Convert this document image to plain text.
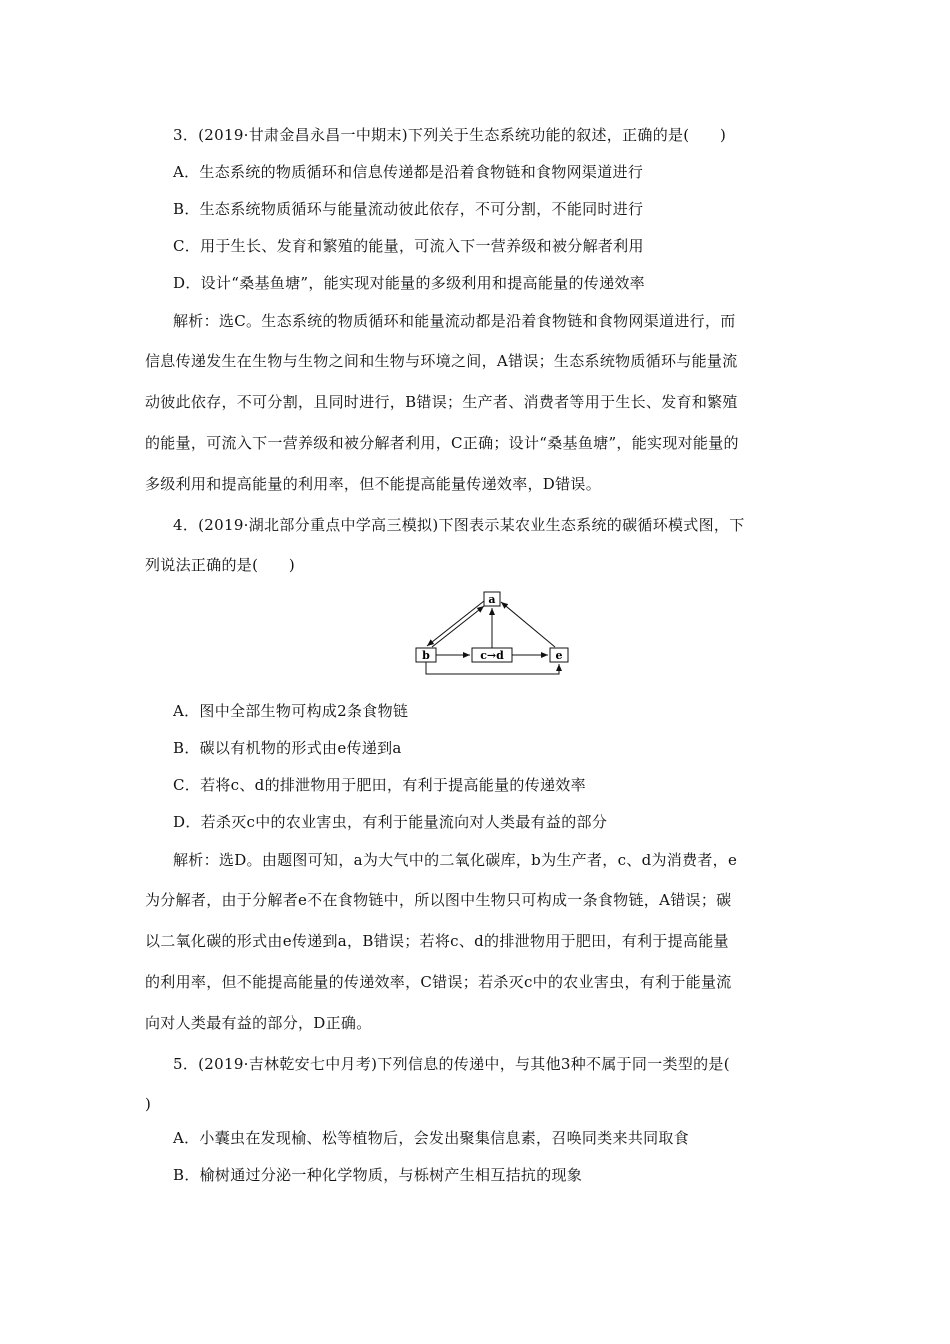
3．(2019·甘肃金昌永昌一中期末)下列关于生态系统功能的叙述，正确的是(　　)
A．生态系统的物质循环和信息传递都是沿着食物链和食物网渠道进行
B．生态系统物质循环与能量流动彼此依存，不可分割，不能同时进行
C．用于生长、发育和繁殖的能量，可流入下一营养级和被分解者利用
D．设计“桑基鱼塘”，能实现对能量的多级利用和提高能量的传递效率
解析：选C。生态系统的物质循环和能量流动都是沿着食物链和食物网渠道进行，而
信息传递发生在生物与生物之间和生物与环境之间，A错误；生态系统物质循环与能量流
动彼此依存，不可分割，且同时进行，B错误；生产者、消费者等用于生长、发育和繁殖
的能量，可流入下一营养级和被分解者利用，C正确；设计“桑基鱼塘”，能实现对能量的
多级利用和提高能量的利用率，但不能提高能量传递效率，D错误。
4．(2019·湖北部分重点中学高三模拟)下图表示某农业生态系统的碳循环模式图，下
列说法正确的是(　　)
a
b	c→d	e
A．图中全部生物可构成2条食物链
B．碳以有机物的形式由e传递到a
C．若将c、d的排泄物用于肥田，有利于提高能量的传递效率
D．若杀灭c中的农业害虫，有利于能量流向对人类最有益的部分
解析：选D。由题图可知，a为大气中的二氧化碳库，b为生产者，c、d为消费者，e
为分解者，由于分解者e不在食物链中，所以图中生物只可构成一条食物链，A错误；碳
以二氧化碳的形式由e传递到a，B错误；若将c、d的排泄物用于肥田，有利于提高能量
的利用率，但不能提高能量的传递效率，C错误；若杀灭c中的农业害虫，有利于能量流
向对人类最有益的部分，D正确。
5．(2019·吉林乾安七中月考)下列信息的传递中，与其他3种不属于同一类型的是(
)
A．小囊虫在发现榆、松等植物后，会发出聚集信息素，召唤同类来共同取食
B．榆树通过分泌一种化学物质，与栎树产生相互拮抗的现象
